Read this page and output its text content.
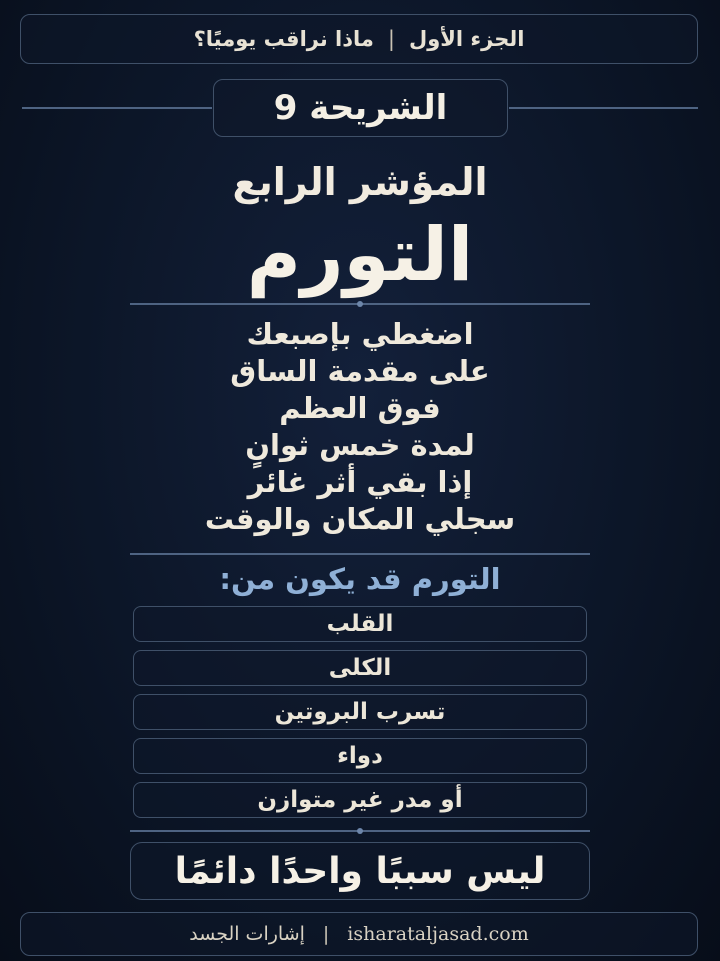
الجزء الأول
|
ماذا نراقب يوميًا؟
الشريحة 9
المؤشر الرابع
التورم
اضغطي بإصبعك
على مقدمة الساق
فوق العظم
لمدة خمس ثوانٍ
إذا بقي أثر غائر
سجلي المكان والوقت
التورم قد يكون من:
القلب
الكلى
تسرب البروتين
دواء
أو مدر غير متوازن
ليس سببًا واحدًا دائمًا
isharataljasad.com
|
إشارات الجسد
